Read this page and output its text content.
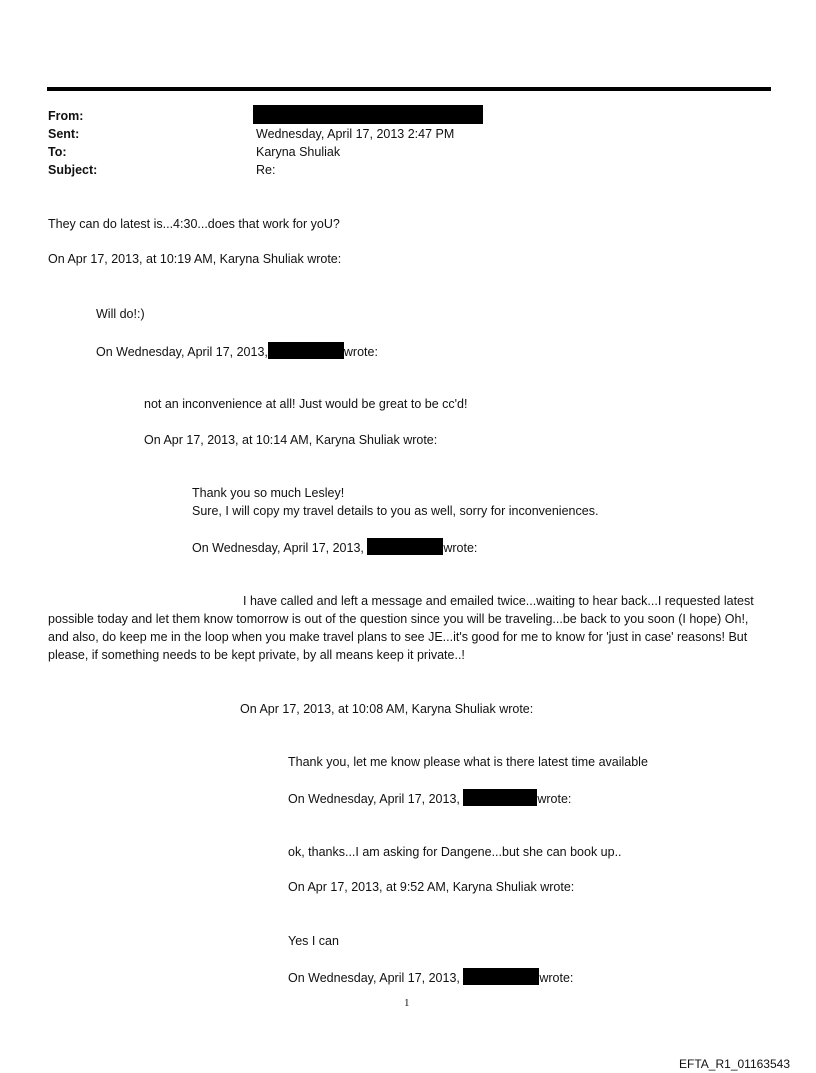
From:
Sent:	Wednesday, April 17, 2013 2:47 PM
To:	Karyna Shuliak
Subject:	Re:
They can do latest is...4:30...does that work for yoU?
On Apr 17, 2013, at 10:19 AM, Karyna Shuliak wrote:
Will do!:)
On Wednesday, April 17, 2013,	wrote:
not an inconvenience at all! Just would be great to be cc'd!
On Apr 17, 2013, at 10:14 AM, Karyna Shuliak wrote:
Thank you so much Lesley!
Sure, I will copy my travel details to you as well, sorry for inconveniences.
On Wednesday, April 17, 2013,	wrote:
I have called and left a message and emailed twice...waiting to hear back...I requested latest possible today and let them know tomorrow is out of the question since you will be traveling...be back to you soon (I hope) Oh!, and also, do keep me in the loop when you make travel plans to see JE...it's good for me to know for 'just in case' reasons! But please, if something needs to be kept private, by all means keep it private..!
On Apr 17, 2013, at 10:08 AM, Karyna Shuliak wrote:
Thank you, let me know please what is there latest time available
On Wednesday, April 17, 2013,	wrote:
ok, thanks...I am asking for Dangene...but she can book up..
On Apr 17, 2013, at 9:52 AM, Karyna Shuliak wrote:
Yes I can
On Wednesday, April 17, 2013,	wrote:
1
EFTA_R1_01163543
